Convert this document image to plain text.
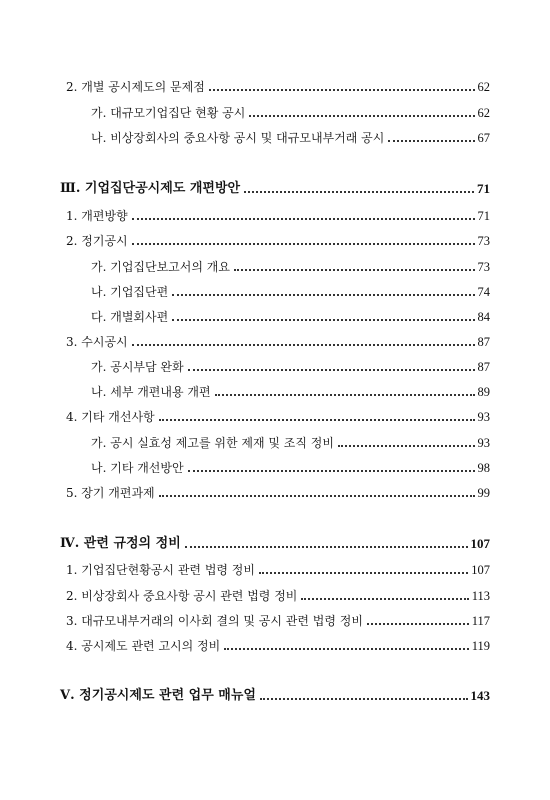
2. 개별 공시제도의 문제점	62
가. 대규모기업집단 현황 공시	62
나. 비상장회사의 중요사항 공시 및 대규모내부거래 공시	67
Ⅲ. 기업집단공시제도 개편방안	71
1. 개편방향	71
2. 정기공시	73
가. 기업집단보고서의 개요	73
나. 기업집단편	74
다. 개별회사편	84
3. 수시공시	87
가. 공시부담 완화	87
나. 세부 개편내용 개편	89
4. 기타 개선사항	93
가. 공시 실효성 제고를 위한 제재 및 조직 정비	93
나. 기타 개선방안	98
5. 장기 개편과제	99
Ⅳ. 관련 규정의 정비	107
1. 기업집단현황공시 관련 법령 정비	107
2. 비상장회사 중요사항 공시 관련 법령 정비	113
3. 대규모내부거래의 이사회 결의 및 공시 관련 법령 정비	117
4. 공시제도 관련 고시의 정비	119
Ⅴ. 정기공시제도 관련 업무 매뉴얼	143
